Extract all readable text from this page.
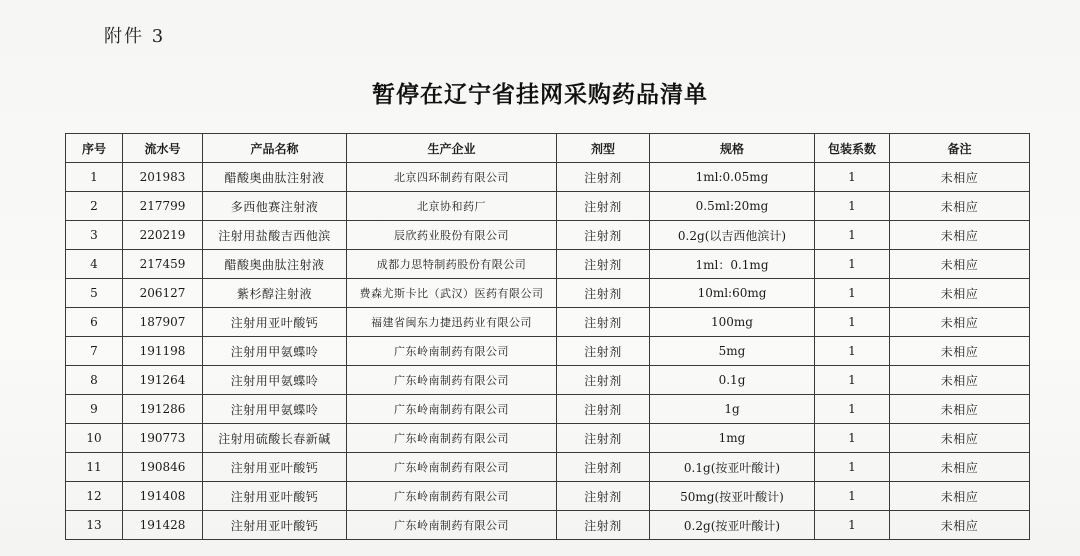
附件 3
暂停在辽宁省挂网采购药品清单
序号	流水号	产品名称	生产企业	剂型	规格	包装系数	备注
1	201983	醋酸奥曲肽注射液	北京四环制药有限公司	注射剂	1ml:0.05mg	1	未相应
2	217799	多西他赛注射液	北京协和药厂	注射剂	0.5ml:20mg	1	未相应
3	220219	注射用盐酸吉西他滨	辰欣药业股份有限公司	注射剂	0.2g(以吉西他滨计)	1	未相应
4	217459	醋酸奥曲肽注射液	成都力思特制药股份有限公司	注射剂	1ml：0.1mg	1	未相应
5	206127	紫杉醇注射液	费森尤斯卡比（武汉）医药有限公司	注射剂	10ml:60mg	1	未相应
6	187907	注射用亚叶酸钙	福建省闽东力捷迅药业有限公司	注射剂	100mg	1	未相应
7	191198	注射用甲氨蝶呤	广东岭南制药有限公司	注射剂	5mg	1	未相应
8	191264	注射用甲氨蝶呤	广东岭南制药有限公司	注射剂	0.1g	1	未相应
9	191286	注射用甲氨蝶呤	广东岭南制药有限公司	注射剂	1g	1	未相应
10	190773	注射用硫酸长春新碱	广东岭南制药有限公司	注射剂	1mg	1	未相应
11	190846	注射用亚叶酸钙	广东岭南制药有限公司	注射剂	0.1g(按亚叶酸计)	1	未相应
12	191408	注射用亚叶酸钙	广东岭南制药有限公司	注射剂	50mg(按亚叶酸计)	1	未相应
13	191428	注射用亚叶酸钙	广东岭南制药有限公司	注射剂	0.2g(按亚叶酸计)	1	未相应
